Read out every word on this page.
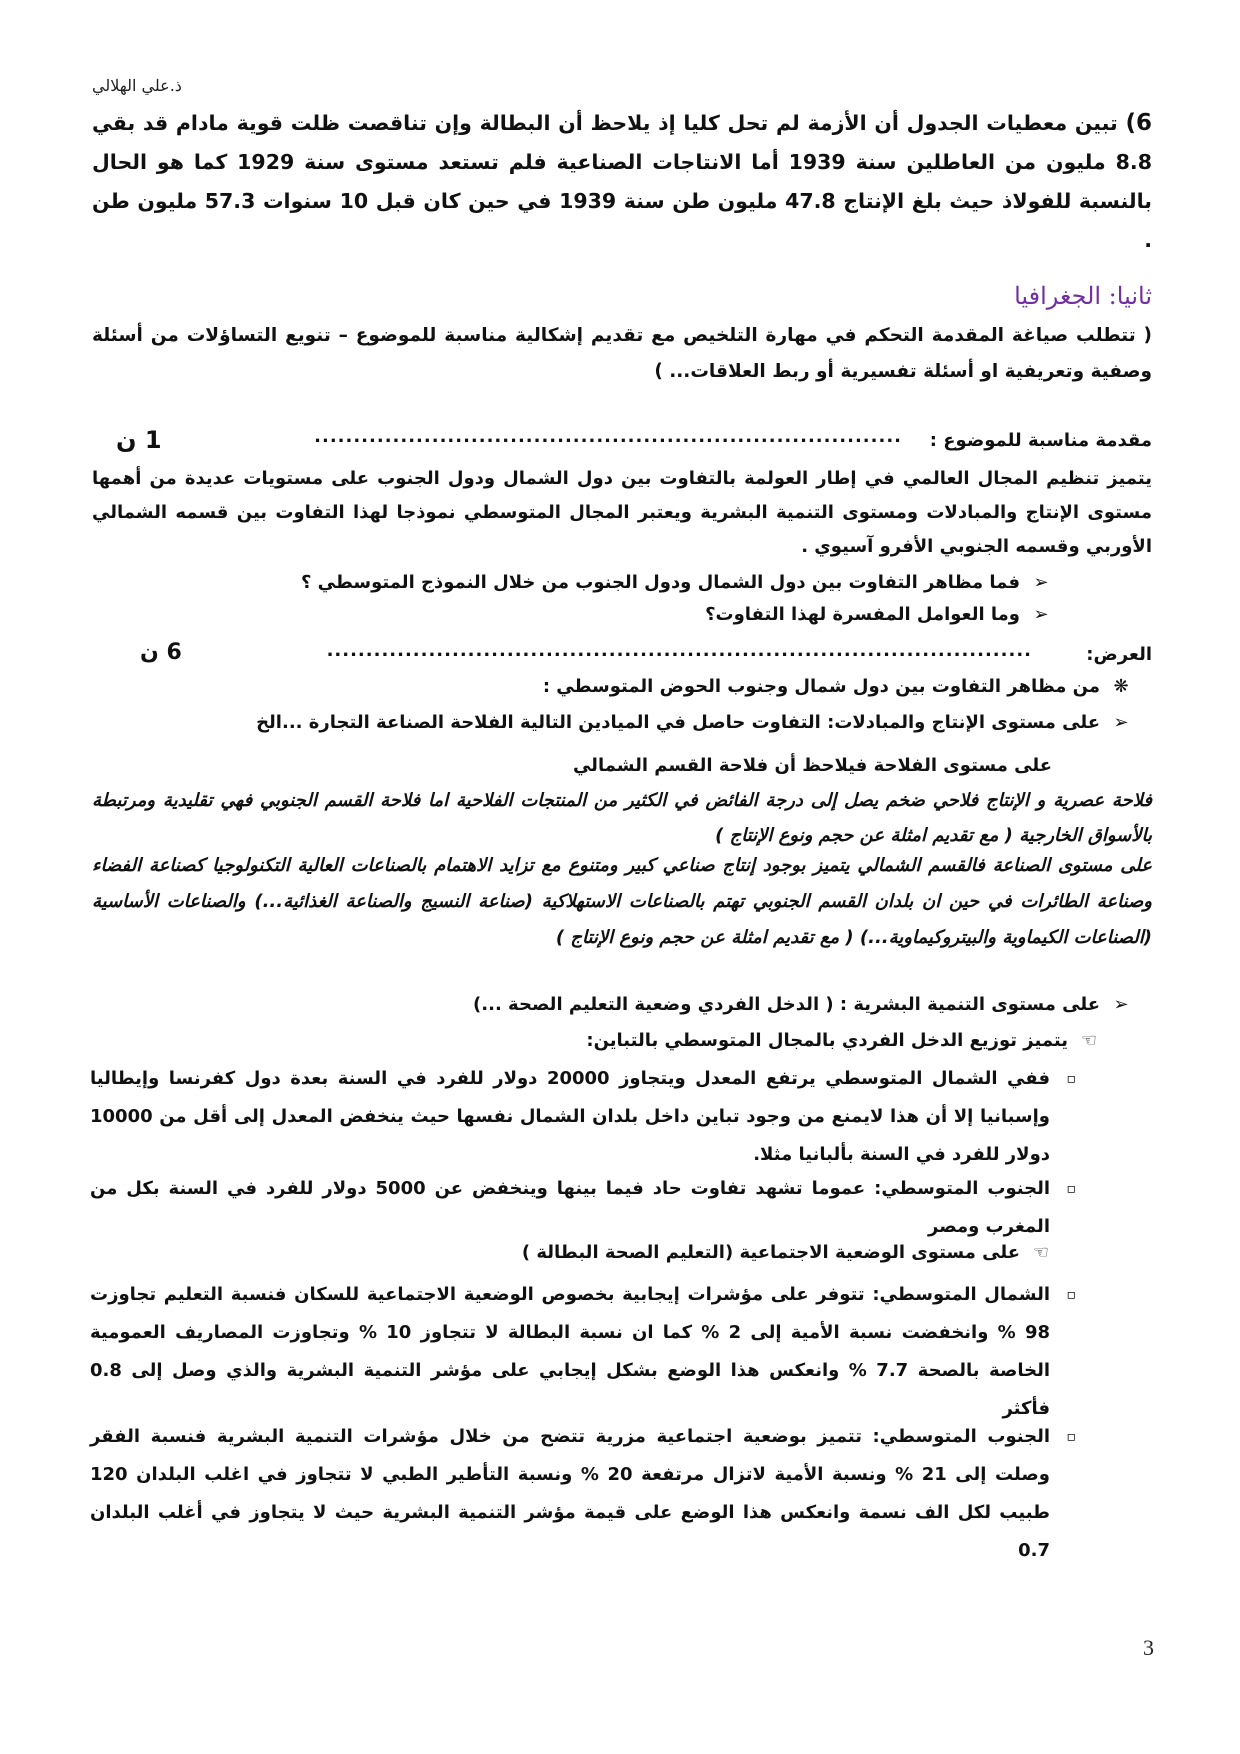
ذ.علي الهلالي
6) تبين معطيات الجدول أن الأزمة لم تحل كليا إذ يلاحظ أن البطالة وإن تناقصت ظلت قوية مادام قد بقي 8.8 مليون من العاطلين سنة 1939 أما الانتاجات الصناعية فلم تستعد مستوى سنة 1929 كما هو الحال بالنسبة للفولاذ حيث بلغ الإنتاج 47.8 مليون طن سنة 1939 في حين كان قبل 10 سنوات 57.3 مليون طن .
ثانيا: الجغرافيا
( تتطلب صياغة المقدمة التحكم في مهارة التلخيص مع تقديم إشكالية مناسبة للموضوع – تنويع التساؤلات من أسئلة وصفية وتعريفية او أسئلة تفسيرية أو ربط العلاقات... )
مقدمة مناسبة للموضوع :
...........................................................................
1 ن
يتميز تنظيم المجال العالمي في إطار العولمة بالتفاوت بين دول الشمال ودول الجنوب على مستويات عديدة من أهمها مستوى الإنتاج والمبادلات ومستوى التنمية البشرية ويعتبر المجال المتوسطي نموذجا لهذا التفاوت بين قسمه الشمالي الأوربي وقسمه الجنوبي الأفرو آسيوي .
➢فما مظاهر التفاوت بين دول الشمال ودول الجنوب من خلال النموذج المتوسطي ؟
➢وما العوامل المفسرة لهذا التفاوت؟
العرض:
..........................................................................................
6 ن
❋من مظاهر التفاوت بين دول شمال وجنوب الحوض المتوسطي :
➢على مستوى الإنتاج والمبادلات: التفاوت حاصل في الميادين التالية الفلاحة الصناعة التجارة ...الخ
على مستوى الفلاحة فيلاحظ أن فلاحة القسم الشمالي
فلاحة عصرية و الإنتاج فلاحي ضخم يصل إلى درجة الفائض في الكثير من المنتجات الفلاحية اما فلاحة القسم الجنوبي فهي تقليدية ومرتبطة بالأسواق الخارجية ( مع تقديم امثلة عن حجم ونوع الإنتاج )
على مستوى الصناعة فالقسم الشمالي يتميز بوجود إنتاج صناعي كبير ومتنوع مع تزايد الاهتمام بالصناعات العالية التكنولوجيا كصناعة الفضاء وصناعة الطائرات في حين ان بلدان القسم الجنوبي تهتم بالصناعات الاستهلاكية (صناعة النسيج والصناعة الغذائية...) والصناعات الأساسية (الصناعات الكيماوية والبيتروكيماوية...) ( مع تقديم امثلة عن حجم ونوع الإنتاج )
➢على مستوى التنمية البشرية : ( الدخل الفردي وضعية التعليم الصحة ...)
☜يتميز توزيع الدخل الفردي بالمجال المتوسطي بالتباين:
▫
ففي الشمال المتوسطي يرتفع المعدل ويتجاوز 20000 دولار للفرد في السنة بعدة دول كفرنسا وإيطاليا وإسبانيا إلا أن هذا لايمنع من وجود تباين داخل بلدان الشمال نفسها حيث ينخفض المعدل إلى أقل من 10000 دولار للفرد في السنة بألبانيا مثلا.
▫
الجنوب المتوسطي: عموما تشهد تفاوت حاد فيما بينها وينخفض عن 5000 دولار للفرد في السنة بكل من المغرب ومصر
☜على مستوى الوضعية الاجتماعية (التعليم الصحة البطالة )
▫
الشمال المتوسطي: تتوفر على مؤشرات إيجابية بخصوص الوضعية الاجتماعية للسكان فنسبة التعليم تجاوزت 98 % وانخفضت نسبة الأمية إلى 2 % كما ان نسبة البطالة لا تتجاوز 10 % وتجاوزت المصاريف العمومية الخاصة بالصحة 7.7 % وانعكس هذا الوضع بشكل إيجابي على مؤشر التنمية البشرية والذي وصل إلى 0.8 فأكثر
▫
الجنوب المتوسطي: تتميز بوضعية اجتماعية مزرية تتضح من خلال مؤشرات التنمية البشرية فنسبة الفقر وصلت إلى 21 % ونسبة الأمية لاتزال مرتفعة 20 % ونسبة التأطير الطبي لا تتجاوز في اغلب البلدان 120 طبيب لكل الف نسمة وانعكس هذا الوضع على قيمة مؤشر التنمية البشرية حيث لا يتجاوز في أغلب البلدان 0.7
3
